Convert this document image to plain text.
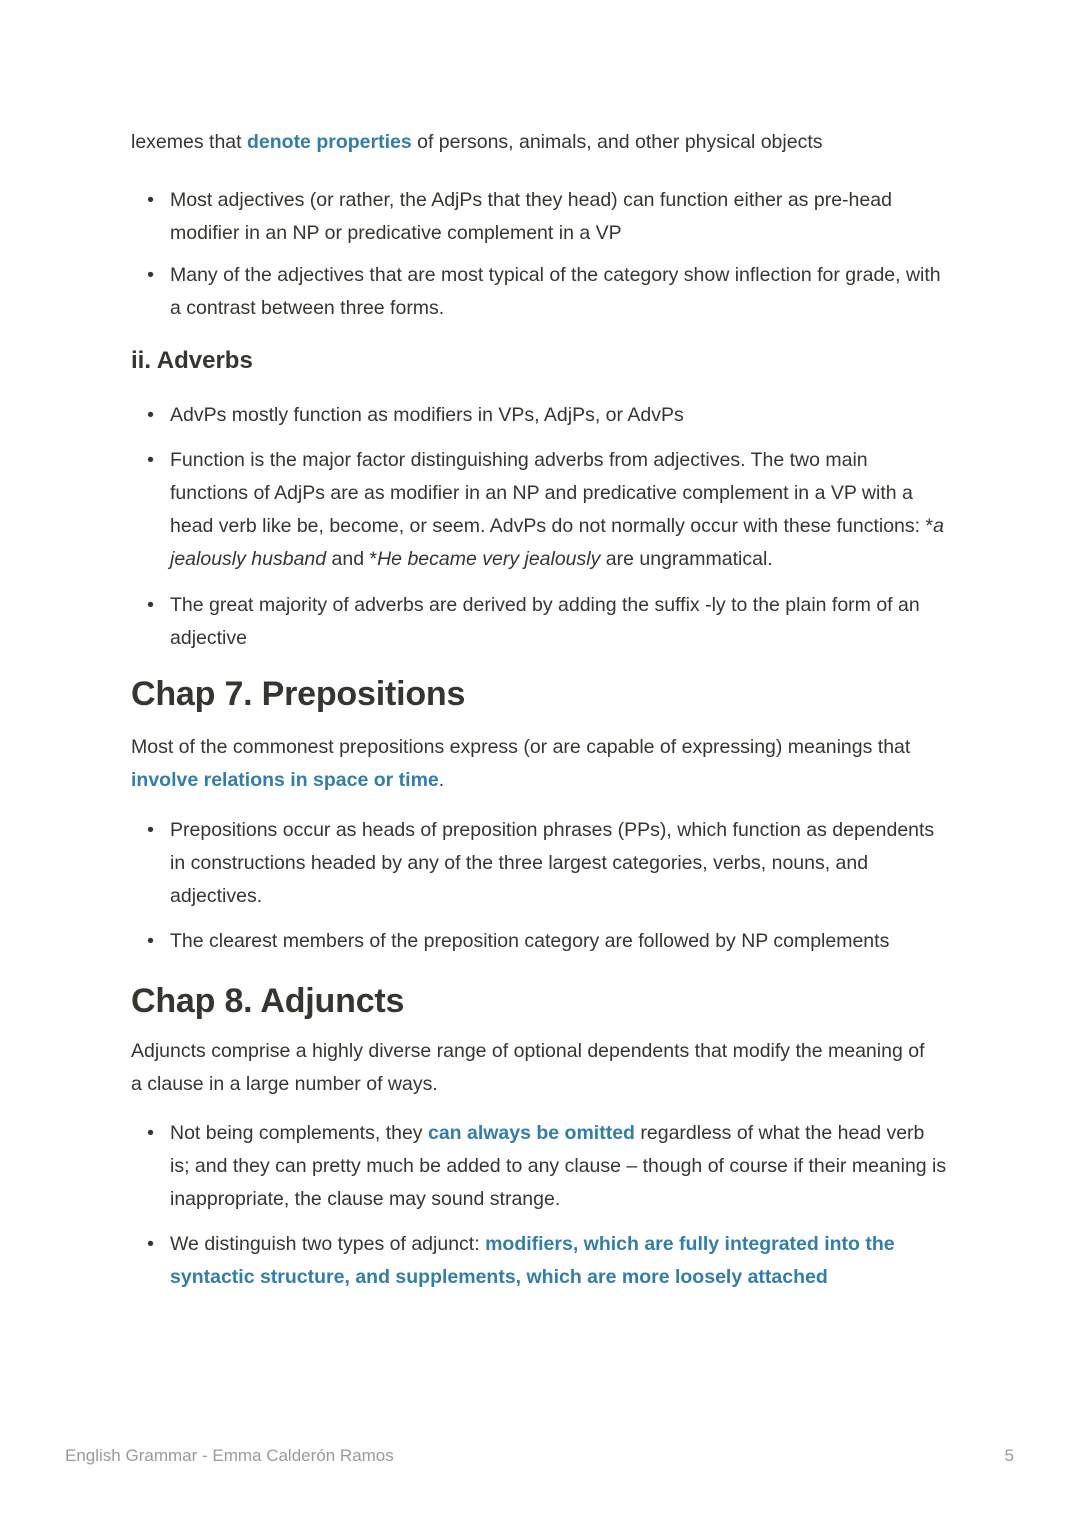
lexemes that denote properties of persons, animals, and other physical objects

• Most adjectives (or rather, the AdjPs that they head) can function either as pre-head modifier in an NP or predicative complement in a VP
• Many of the adjectives that are most typical of the category show inflection for grade, with a contrast between three forms.
ii. Adverbs
• AdvPs mostly function as modifiers in VPs, AdjPs, or AdvPs
• Function is the major factor distinguishing adverbs from adjectives. The two main functions of AdjPs are as modifier in an NP and predicative complement in a VP with a head verb like be, become, or seem. AdvPs do not normally occur with these functions: *a jealously husband and *He became very jealously are ungrammatical.
• The great majority of adverbs are derived by adding the suffix -ly to the plain form of an adjective
Chap 7. Prepositions

Most of the commonest prepositions express (or are capable of expressing) meanings that involve relations in space or time.

• Prepositions occur as heads of preposition phrases (PPs), which function as dependents in constructions headed by any of the three largest categories, verbs, nouns, and adjectives.
• The clearest members of the preposition category are followed by NP complements
Chap 8. Adjuncts

Adjuncts comprise a highly diverse range of optional dependents that modify the meaning of a clause in a large number of ways.

• Not being complements, they can always be omitted regardless of what the head verb is; and they can pretty much be added to any clause – though of course if their meaning is inappropriate, the clause may sound strange.
• We distinguish two types of adjunct: modifiers, which are fully integrated into the syntactic structure, and supplements, which are more loosely attached
English Grammar - Emma Calderón Ramos	5
